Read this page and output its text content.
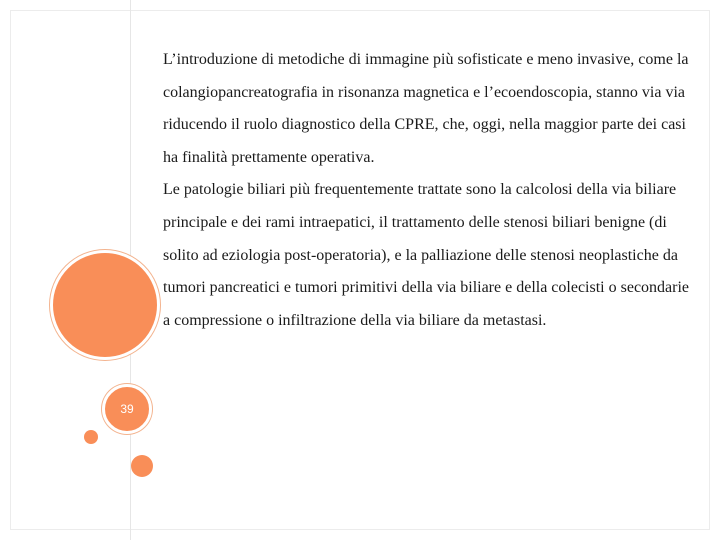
39

L’introduzione di metodiche di immagine più sofisticate e meno invasive, come la colangiopancreatografia in risonanza magnetica e l’ecoendoscopia, stanno via via riducendo il ruolo diagnostico della CPRE, che, oggi, nella maggior parte dei casi ha finalità prettamente operativa.

Le patologie biliari più frequentemente trattate sono la calcolosi della via biliare principale e dei rami intraepatici, il trattamento delle stenosi biliari benigne (di solito ad eziologia post-operatoria), e la palliazione delle stenosi neoplastiche da tumori pancreatici e tumori primitivi della via biliare e della colecisti o secondarie a compressione o infiltrazione della via biliare da metastasi.
